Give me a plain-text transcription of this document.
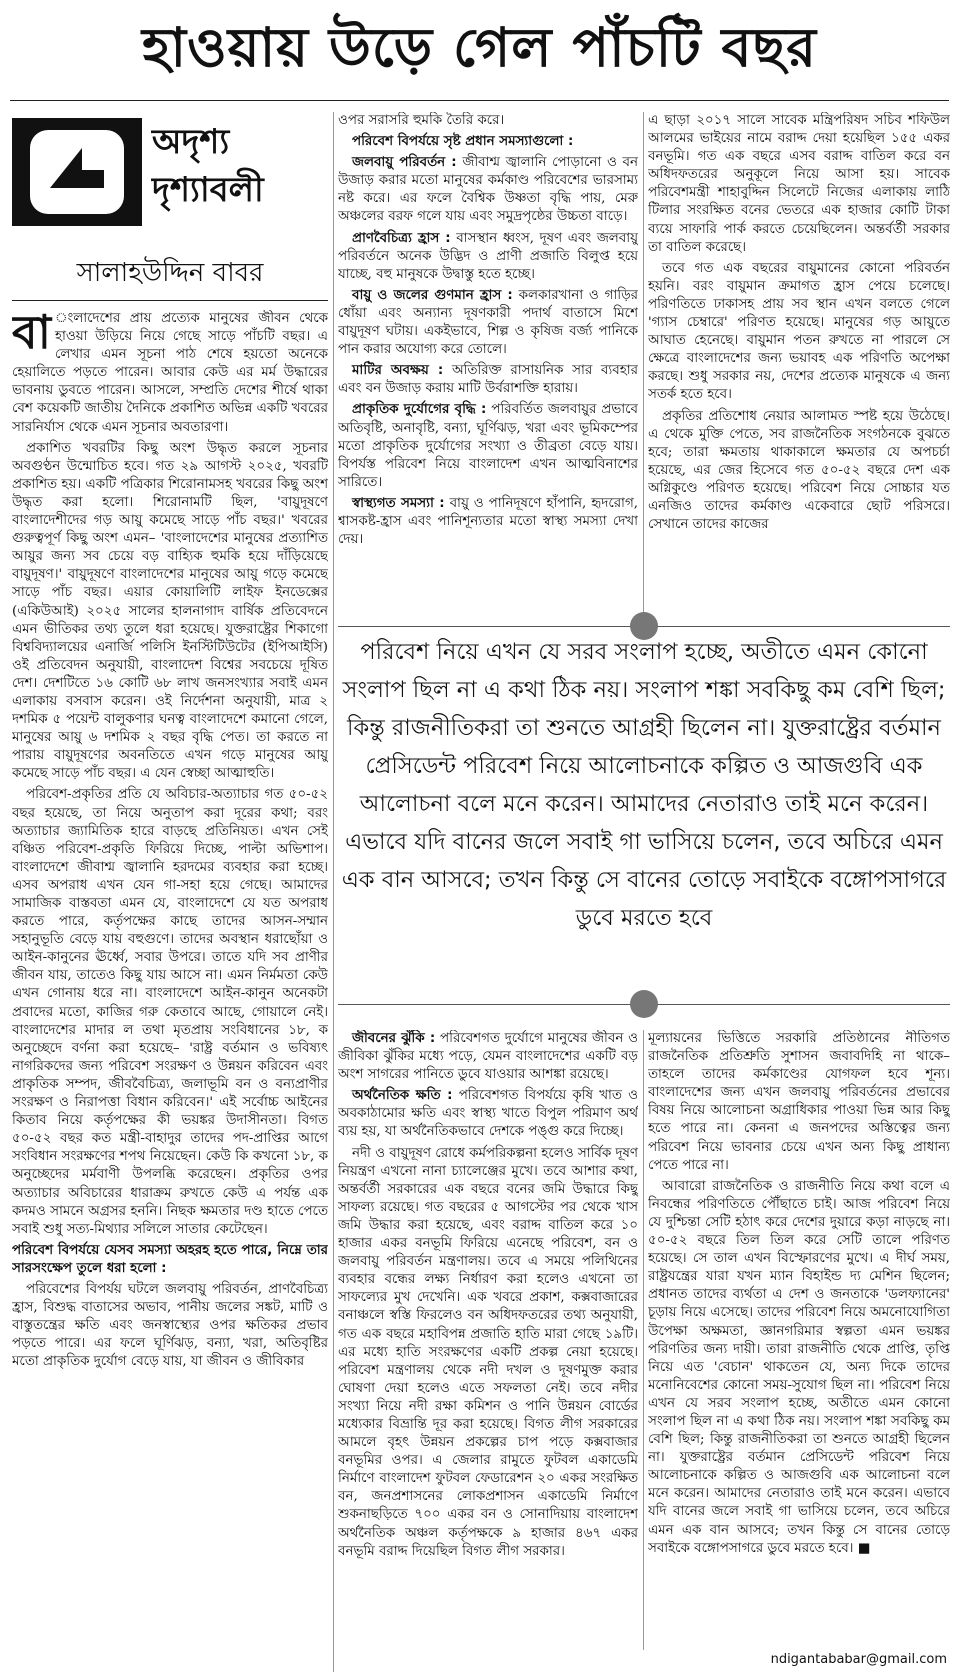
হাওয়ায় উড়ে গেল পাঁচটি বছর
অদৃশ্য
দৃশ্যাবলী
সালাহউদ্দিন বাবর

বা ংলাদেশের প্রায় প্রত্যেক মানুষের জীবন থেকে হাওয়া উড়িয়ে নিয়ে গেছে সাড়ে পাঁচটি বছর। এ লেখার এমন সূচনা পাঠ শেষে হয়তো অনেকে হেয়ালিতে পড়তে পারেন। আবার কেউ এর মর্ম উদ্ধারের ভাবনায় ডুবতে পারেন। আসলে, সম্প্রতি দেশের শীর্ষে থাকা বেশ কয়েকটি জাতীয় দৈনিকে প্রকাশিত অভিন্ন একটি খবরের সারনির্যাস থেকে এমন সূচনার অবতারণা।

প্রকাশিত খবরটির কিছু অংশ উদ্ধৃত করলে সূচনার অবগুণ্ঠন উন্মোচিত হবে। গত ২৯ আগস্ট ২০২৫, খবরটি প্রকাশিত হয়। একটি পত্রিকার শিরোনামসহ খবরের কিছু অংশ উদ্ধৃত করা হলো। শিরোনামটি ছিল, 'বায়ুদূষণে বাংলাদেশীদের গড় আয়ু কমেছে সাড়ে পাঁচ বছর।' খবরের গুরুত্বপূর্ণ কিছু অংশ এমন– 'বাংলাদেশের মানুষের প্রত্যাশিত আয়ুর জন্য সব চেয়ে বড় বাহ্যিক হুমকি হয়ে দাঁড়িয়েছে বায়ুদূষণ।' বায়ুদূষণে বাংলাদেশের মানুষের আয়ু গড়ে কমেছে সাড়ে পাঁচ বছর। এয়ার কোয়ালিটি লাইফ ইনডেক্সের (একিউআই) ২০২৫ সালের হালনাগাদ বার্ষিক প্রতিবেদনে এমন ভীতিকর তথ্য তুলে ধরা হয়েছে। যুক্তরাষ্ট্রের শিকাগো বিশ্ববিদ্যালয়ের এনার্জি পলিসি ইনস্টিটিউটের (ইপিআইসি) ওই প্রতিবেদন অনুযায়ী, বাংলাদেশ বিশ্বের সবচেয়ে দূষিত দেশ। দেশটিতে ১৬ কোটি ৬৮ লাখ জনসংখ্যার সবাই এমন এলাকায় বসবাস করেন। ওই নির্দেশনা অনুযায়ী, মাত্র ২ দশমিক ৫ পয়েন্ট বালুকণার ঘনত্ব বাংলাদেশে কমানো গেলে, মানুষের আয়ু ৬ দশমিক ২ বছর বৃদ্ধি পেত। তা করতে না পারায় বায়ুদূষণের অবনতিতে এখন গড়ে মানুষের আয়ু কমেছে সাড়ে পাঁচ বছর। এ যেন স্বেচ্ছা আত্মাহুতি।

পরিবেশ-প্রকৃতির প্রতি যে অবিচার-অত্যাচার গত ৫০-৫২ বছর হয়েছে, তা নিয়ে অনুতাপ করা দূরের কথা; বরং অত্যাচার জ্যামিতিক হারে বাড়ছে প্রতিনিয়ত। এখন সেই বঞ্চিত পরিবেশ-প্রকৃতি ফিরিয়ে দিচ্ছে, পাল্টা অভিশাপ। বাংলাদেশে জীবাশ্ম জ্বালানি হরদমের ব্যবহার করা হচ্ছে। এসব অপরাধ এখন যেন গা-সহা হয়ে গেছে। আমাদের সামাজিক বাস্তবতা এমন যে, বাংলাদেশে যে যত অপরাধ করতে পারে, কর্তৃপক্ষের কাছে তাদের আসন-সম্মান সহানুভূতি বেড়ে যায় বহুগুণে। তাদের অবস্থান ধরাছোঁয়া ও আইন-কানুনের ঊর্ধ্বে, সবার উপরে। তাতে যদি সব প্রাণীর জীবন যায়, তাতেও কিছু যায় আসে না। এমন নির্মমতা কেউ এখন গোনায় ধরে না। বাংলাদেশে আইন-কানুন অনেকটা প্রবাদের মতো, কাজির গরু কেতাবে আছে, গোয়ালে নেই। বাংলাদেশের মাদার ল তথা মৃতপ্রায় সংবিধানের ১৮, ক অনুচ্ছেদে বর্ণনা করা হয়েছে– 'রাষ্ট্র বর্তমান ও ভবিষ্যৎ নাগরিকদের জন্য পরিবেশ সংরক্ষণ ও উন্নয়ন করিবেন এবং প্রাকৃতিক সম্পদ, জীববৈচিত্র্য, জলাভূমি বন ও বন্যপ্রাণীর সংরক্ষণ ও নিরাপত্তা বিধান করিবেন।' এই সর্বোচ্চ আইনের কিতাব নিয়ে কর্তৃপক্ষের কী ভয়ঙ্কর উদাসীনতা। বিগত ৫০-৫২ বছর কত মন্ত্রী-বাহাদুর তাদের পদ-প্রাপ্তির আগে সংবিধান সংরক্ষণের শপথ নিয়েছেন। কেউ কি কখনো ১৮, ক অনুচ্ছেদের মর্মবাণী উপলব্ধি করেছেন। প্রকৃতির ওপর অত্যাচার অবিচারের ধারাক্রম রুখতে কেউ এ পর্যন্ত এক কদমও সামনে অগ্রসর হননি। নিছক ক্ষমতার দণ্ড হাতে পেতে সবাই শুধু সত্য-মিথ্যার সলিলে সাতার কেটেছেন।

পরিবেশ বিপর্যয়ে যেসব সমস্যা অহরহ হতে পারে, নিম্নে তার সারসংক্ষেপ তুলে ধরা হলো :

পরিবেশের বিপর্যয় ঘটলে জলবায়ু পরিবর্তন, প্রাণবৈচিত্র্য হ্রাস, বিশুদ্ধ বাতাসের অভাব, পানীয় জলের সঙ্কট, মাটি ও বাস্তুতন্ত্রের ক্ষতি এবং জনস্বাস্থ্যের ওপর ক্ষতিকর প্রভাব পড়তে পারে। এর ফলে ঘূর্ণিঝড়, বন্যা, খরা, অতিবৃষ্টির মতো প্রাকৃতিক দুর্যোগ বেড়ে যায়, যা জীবন ও জীবিকার

ওপর সরাসরি হুমকি তৈরি করে।

পরিবেশ বিপর্যয়ে সৃষ্ট প্রধান সমস্যাগুলো :

জলবায়ু পরিবর্তন : জীবাশ্ম জ্বালানি পোড়ানো ও বন উজাড় করার মতো মানুষের কর্মকাণ্ড পরিবেশের ভারসাম্য নষ্ট করে। এর ফলে বৈশ্বিক উষ্ণতা বৃদ্ধি পায়, মেরু অঞ্চলের বরফ গলে যায় এবং সমুদ্রপৃষ্ঠের উচ্চতা বাড়ে।

প্রাণবৈচিত্র্য হ্রাস : বাসস্থান ধ্বংস, দূষণ এবং জলবায়ু পরিবর্তনে অনেক উদ্ভিদ ও প্রাণী প্রজাতি বিলুপ্ত হয়ে যাচ্ছে, বহু মানুষকে উদ্বাস্তু হতে হচ্ছে।

বায়ু ও জলের গুণমান হ্রাস : কলকারখানা ও গাড়ির ধোঁয়া এবং অন্যান্য দূষণকারী পদার্থ বাতাসে মিশে বায়ুদূষণ ঘটায়। একইভাবে, শিল্প ও কৃষিজ বর্জ্য পানিকে পান করার অযোগ্য করে তোলে।

মাটির অবক্ষয় : অতিরিক্ত রাসায়নিক সার ব্যবহার এবং বন উজাড় করায় মাটি উর্বরাশক্তি হারায়।

প্রাকৃতিক দুর্যোগের বৃদ্ধি : পরিবর্তিত জলবায়ুর প্রভাবে অতিবৃষ্টি, অনাবৃষ্টি, বন্যা, ঘূর্ণিঝড়, খরা এবং ভূমিকম্পের মতো প্রাকৃতিক দুর্যোগের সংখ্যা ও তীব্রতা বেড়ে যায়। বিপর্যস্ত পরিবেশ নিয়ে বাংলাদেশ এখন আত্মবিনাশের সারিতে।

স্বাস্থ্যগত সমস্যা : বায়ু ও পানিদূষণে হাঁপানি, হৃদরোগ, শ্বাসকষ্ট-হ্রাস এবং পানিশূন্যতার মতো স্বাস্থ্য সমস্যা দেখা দেয়।

এ ছাড়া ২০১৭ সালে সাবেক মন্ত্রিপরিষদ সচিব শফিউল আলমের ভাইয়ের নামে বরাদ্দ দেয়া হয়েছিল ১৫৫ একর বনভূমি। গত এক বছরে এসব বরাদ্দ বাতিল করে বন অধিদফতরের অনুকূলে নিয়ে আসা হয়। সাবেক পরিবেশমন্ত্রী শাহাবুদ্দিন সিলেটে নিজের এলাকায় লাঠি টিলার সংরক্ষিত বনের ভেতরে এক হাজার কোটি টাকা ব্যয়ে সাফারি পার্ক করতে চেয়েছিলেন। অন্তর্বর্তী সরকার তা বাতিল করেছে।

তবে গত এক বছরের বায়ুমানের কোনো পরিবর্তন হয়নি। বরং বায়ুমান ক্রমাগত হ্রাস পেয়ে চলেছে। পরিণতিতে ঢাকাসহ প্রায় সব স্থান এখন বলতে গেলে 'গ্যাস চেম্বারে' পরিণত হয়েছে। মানুষের গড় আয়ুতে আঘাত হেনেছে। বায়ুমান পতন রুখতে না পারলে সে ক্ষেত্রে বাংলাদেশের জন্য ভয়াবহ এক পরিণতি অপেক্ষা করছে। শুধু সরকার নয়, দেশের প্রত্যেক মানুষকে এ জন্য সতর্ক হতে হবে।

প্রকৃতির প্রতিশোধ নেয়ার আলামত স্পষ্ট হয়ে উঠেছে। এ থেকে মুক্তি পেতে, সব রাজনৈতিক সংগঠনকে বুঝতে হবে; তারা ক্ষমতায় থাকাকালে ক্ষমতার যে অপচর্চা হয়েছে, এর জের হিসেবে গত ৫০-৫২ বছরে দেশ এক অগ্নিকুণ্ডে পরিণত হয়েছে। পরিবেশ নিয়ে সোচ্চার যত এনজিও তাদের কর্মকাণ্ড একেবারে ছোট পরিসরে। সেখানে তাদের কাজের

পরিবেশ নিয়ে এখন যে সরব সংলাপ হচ্ছে, অতীতে এমন কোনো সংলাপ ছিল না এ কথা ঠিক নয়। সংলাপ শঙ্কা সবকিছু কম বেশি ছিল; কিন্তু রাজনীতিকরা তা শুনতে আগ্রহী ছিলেন না। যুক্তরাষ্ট্রের বর্তমান প্রেসিডেন্ট পরিবেশ নিয়ে আলোচনাকে কল্পিত ও আজগুবি এক আলোচনা বলে মনে করেন। আমাদের নেতারাও তাই মনে করেন। এভাবে যদি বানের জলে সবাই গা ভাসিয়ে চলেন, তবে অচিরে এমন এক বান আসবে; তখন কিন্তু সে বানের তোড়ে সবাইকে বঙ্গোপসাগরে ডুবে মরতে হবে

জীবনের ঝুঁকি : পরিবেশগত দুর্যোগে মানুষের জীবন ও জীবিকা ঝুঁকির মধ্যে পড়ে, যেমন বাংলাদেশের একটি বড় অংশ সাগরের পানিতে ডুবে যাওয়ার আশঙ্কা রয়েছে।

অর্থনৈতিক ক্ষতি : পরিবেশগত বিপর্যয়ে কৃষি খাত ও অবকাঠামোর ক্ষতি এবং স্বাস্থ্য খাতে বিপুল পরিমাণ অর্থ ব্যয় হয়, যা অর্থনৈতিকভাবে দেশকে পঙ্গু করে দিচ্ছে।

নদী ও বায়ুদূষণ রোধে কর্মপরিকল্পনা হলেও সার্বিক দূষণ নিয়ন্ত্রণ এখনো নানা চ্যালেঞ্জের মুখে। তবে আশার কথা, অন্তর্বর্তী সরকারের এক বছরে বনের জমি উদ্ধারে কিছু সাফল্য রয়েছে। গত বছরের ৫ আগস্টের পর থেকে খাস জমি উদ্ধার করা হয়েছে, এবং বরাদ্দ বাতিল করে ১০ হাজার একর বনভূমি ফিরিয়ে এনেছে পরিবেশ, বন ও জলবায়ু পরিবর্তন মন্ত্রণালয়। তবে এ সময়ে পলিথিনের ব্যবহার বন্ধের লক্ষ্য নির্ধারণ করা হলেও এখনো তা সাফল্যের মুখ দেখেনি। এক খবরে প্রকাশ, কক্সবাজারের বনাঞ্চলে স্বস্তি ফিরলেও বন অধিদফতরের তথ্য অনুযায়ী, গত এক বছরে মহাবিপন্ন প্রজাতি হাতি মারা গেছে ১৯টি। এর মধ্যে হাতি সংরক্ষণের একটি প্রকল্প নেয়া হয়েছে। পরিবেশ মন্ত্রণালয় থেকে নদী দখল ও দূষণমুক্ত করার ঘোষণা দেয়া হলেও এতে সফলতা নেই। তবে নদীর সংখ্যা নিয়ে নদী রক্ষা কমিশন ও পানি উন্নয়ন বোর্ডের মধ্যেকার বিভ্রান্তি দূর করা হয়েছে। বিগত লীগ সরকারের আমলে বৃহৎ উন্নয়ন প্রকল্পের চাপ পড়ে কক্সবাজার বনভূমির ওপর। এ জেলার রামুতে ফুটবল একাডেমি নির্মাণে বাংলাদেশ ফুটবল ফেডারেশন ২০ একর সংরক্ষিত বন, জনপ্রশাসনের লোকপ্রশাসন একাডেমি নির্মাণে শুকনাছড়িতে ৭০০ একর বন ও সোনাদিয়ায় বাংলাদেশ অর্থনৈতিক অঞ্চল কর্তৃপক্ষকে ৯ হাজার ৪৬৭ একর বনভূমি বরাদ্দ দিয়েছিল বিগত লীগ সরকার।

মূল্যায়নের ভিত্তিতে সরকারি প্রতিষ্ঠানের নীতিগত রাজনৈতিক প্রতিশ্রুতি সুশাসন জবাবদিহি না থাকে– তাহলে তাদের কর্মকাণ্ডের যোগফল হবে শূন্য। বাংলাদেশের জন্য এখন জলবায়ু পরিবর্তনের প্রভাবের বিষয় নিয়ে আলোচনা অগ্রাধিকার পাওয়া ভিন্ন আর কিছু হতে পারে না। কেননা এ জনপদের অস্তিত্বের জন্য পরিবেশ নিয়ে ভাবনার চেয়ে এখন অন্য কিছু প্রাধান্য পেতে পারে না।

আবারো রাজনৈতিক ও রাজনীতি নিয়ে কথা বলে এ নিবন্ধের পরিণতিতে পৌঁছাতে চাই। আজ পরিবেশ নিয়ে যে দুশ্চিন্তা সেটি হঠাৎ করে দেশের দুয়ারে কড়া নাড়ছে না। ৫০-৫২ বছরে তিল তিল করে সেটি তালে পরিণত হয়েছে। সে তাল এখন বিস্ফোরণের মুখে। এ দীর্ঘ সময়, রাষ্ট্রযন্ত্রের যারা যখন ম্যান বিহাইন্ড দ্য মেশিন ছিলেন; প্রধানত তাদের ব্যর্থতা এ দেশ ও জনতাকে 'ডলফ্যানের' চূড়ায় নিয়ে এসেছে। তাদের পরিবেশ নিয়ে অমনোযোগিতা উপেক্ষা অক্ষমতা, জ্ঞানগরিমার স্বল্পতা এমন ভয়ঙ্কর পরিণতির জন্য দায়ী। তারা রাজনীতি থেকে প্রাপ্তি, তৃপ্তি নিয়ে এত 'বেচান' থাকতেন যে, অন্য দিকে তাদের মনোনিবেশের কোনো সময়-সুযোগ ছিল না। পরিবেশ নিয়ে এখন যে সরব সংলাপ হচ্ছে, অতীতে এমন কোনো সংলাপ ছিল না এ কথা ঠিক নয়। সংলাপ শঙ্কা সবকিছু কম বেশি ছিল; কিন্তু রাজনীতিকরা তা শুনতে আগ্রহী ছিলেন না। যুক্তরাষ্ট্রের বর্তমান প্রেসিডেন্ট পরিবেশ নিয়ে আলোচনাকে কল্পিত ও আজগুবি এক আলোচনা বলে মনে করেন। আমাদের নেতারাও তাই মনে করেন। এভাবে যদি বানের জলে সবাই গা ভাসিয়ে চলেন, তবে অচিরে এমন এক বান আসবে; তখন কিন্তু সে বানের তোড়ে সবাইকে বঙ্গোপসাগরে ডুবে মরতে হবে। ■

ndigantababar@gmail.com
